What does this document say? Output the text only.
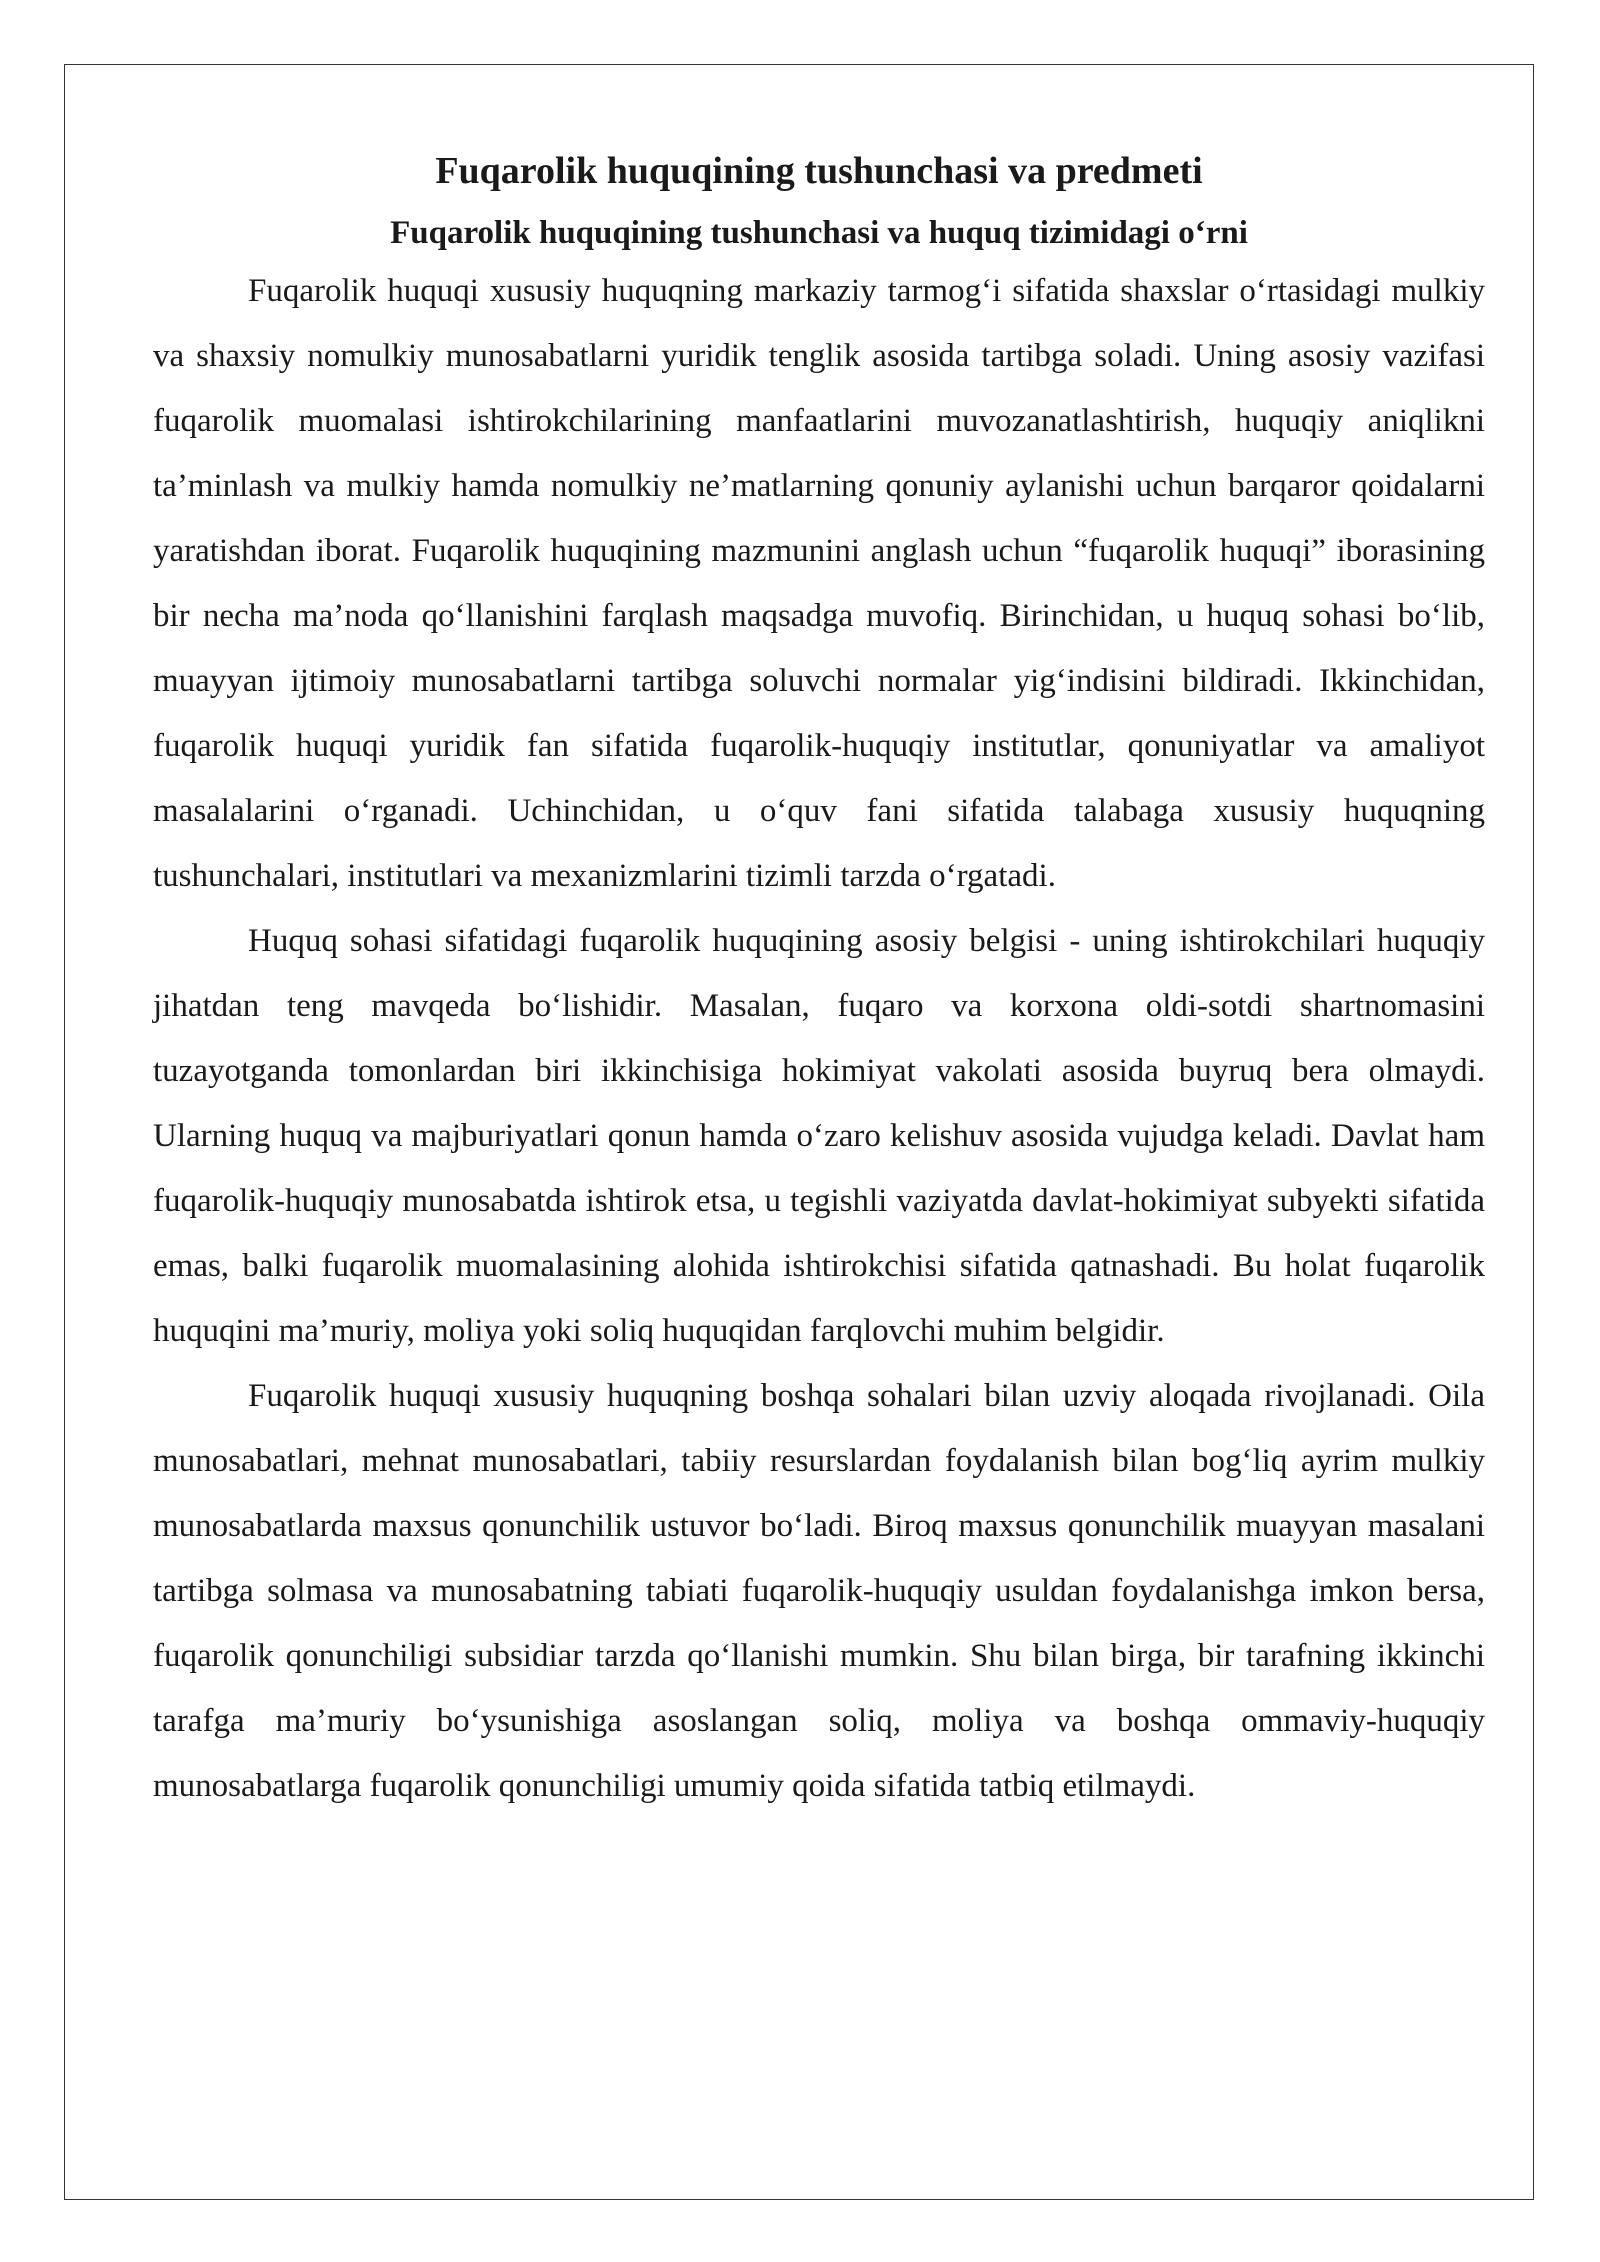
Fuqarolik huquqining tushunchasi va predmeti
Fuqarolik huquqining tushunchasi va huquq tizimidagi o‘rni

Fuqarolik huquqi xususiy huquqning markaziy tarmog‘i sifatida shaxslar o‘rtasidagi mulkiy va shaxsiy nomulkiy munosabatlarni yuridik tenglik asosida tartibga soladi. Uning asosiy vazifasi fuqarolik muomalasi ishtirokchilarining manfaatlarini muvozanatlashtirish, huquqiy aniqlikni ta’minlash va mulkiy hamda nomulkiy ne’matlarning qonuniy aylanishi uchun barqaror qoidalarni yaratishdan iborat. Fuqarolik huquqining mazmunini anglash uchun “fuqarolik huquqi” iborasining bir necha ma’noda qo‘llanishini farqlash maqsadga muvofiq. Birinchidan, u huquq sohasi bo‘lib, muayyan ijtimoiy munosabatlarni tartibga soluvchi normalar yig‘indisini bildiradi. Ikkinchidan, fuqarolik huquqi yuridik fan sifatida fuqarolik-huquqiy institutlar, qonuniyatlar va amaliyot masalalarini o‘rganadi. Uchinchidan, u o‘quv fani sifatida talabaga xususiy huquqning tushunchalari, institutlari va mexanizmlarini tizimli tarzda o‘rgatadi.

Huquq sohasi sifatidagi fuqarolik huquqining asosiy belgisi - uning ishtirokchilari huquqiy jihatdan teng mavqeda bo‘lishidir. Masalan, fuqaro va korxona oldi-sotdi shartnomasini tuzayotganda tomonlardan biri ikkinchisiga hokimiyat vakolati asosida buyruq bera olmaydi. Ularning huquq va majburiyatlari qonun hamda o‘zaro kelishuv asosida vujudga keladi. Davlat ham fuqarolik-huquqiy munosabatda ishtirok etsa, u tegishli vaziyatda davlat-hokimiyat subyekti sifatida emas, balki fuqarolik muomalasining alohida ishtirokchisi sifatida qatnashadi. Bu holat fuqarolik huquqini ma’muriy, moliya yoki soliq huquqidan farqlovchi muhim belgidir.

Fuqarolik huquqi xususiy huquqning boshqa sohalari bilan uzviy aloqada rivojlanadi. Oila munosabatlari, mehnat munosabatlari, tabiiy resurslardan foydalanish bilan bog‘liq ayrim mulkiy munosabatlarda maxsus qonunchilik ustuvor bo‘ladi. Biroq maxsus qonunchilik muayyan masalani tartibga solmasa va munosabatning tabiati fuqarolik-huquqiy usuldan foydalanishga imkon bersa, fuqarolik qonunchiligi subsidiar tarzda qo‘llanishi mumkin. Shu bilan birga, bir tarafning ikkinchi tarafga ma’muriy bo‘ysunishiga asoslangan soliq, moliya va boshqa ommaviy-huquqiy munosabatlarga fuqarolik qonunchiligi umumiy qoida sifatida tatbiq etilmaydi.
